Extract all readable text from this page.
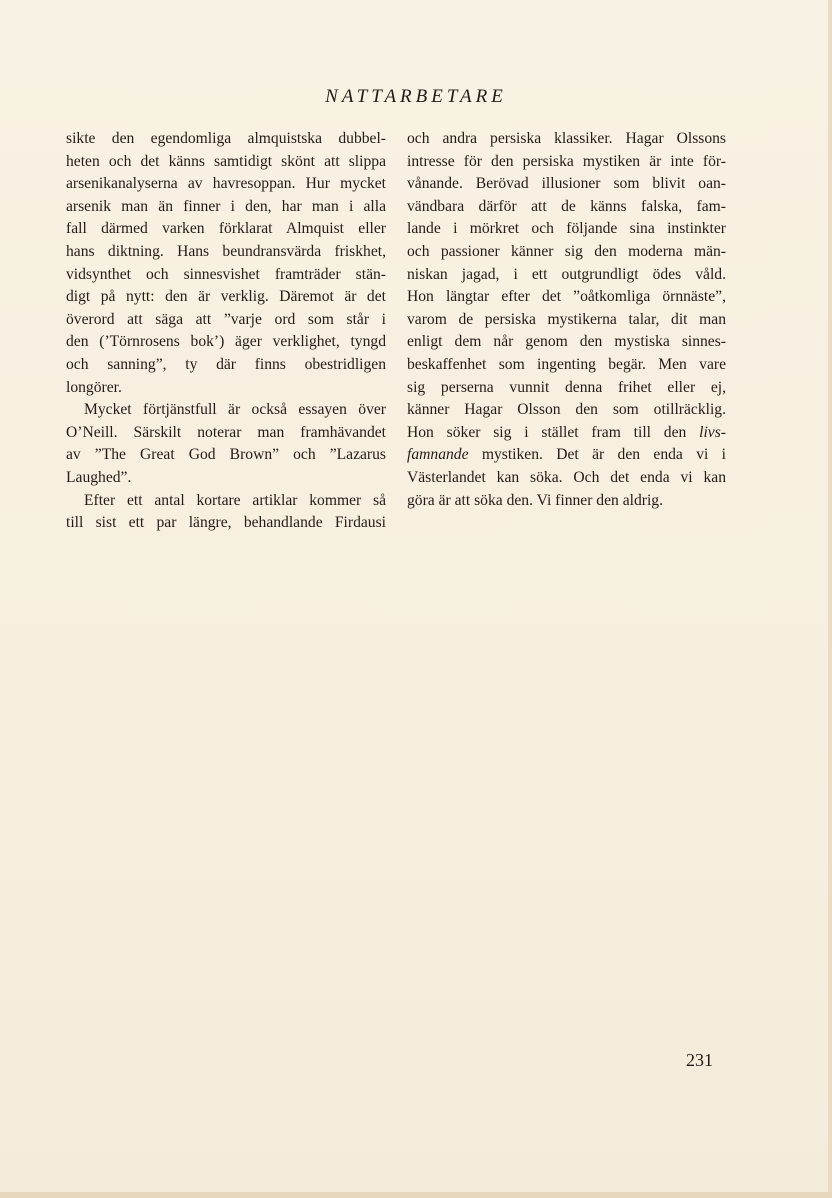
NATTARBETARE
sikte den egendomliga almquistska dubbel-
heten och det känns samtidigt skönt att slippa
arsenikanalyserna av havresoppan. Hur mycket
arsenik man än finner i den, har man i alla
fall därmed varken förklarat Almquist eller
hans diktning. Hans beundransvärda friskhet,
vidsynthet och sinnesvishet framträder stän-
digt på nytt: den är verklig. Däremot är det
överord att säga att ”varje ord som står i
den (’Törnrosens bok’) äger verklighet, tyngd
och sanning”, ty där finns obestridligen
longörer.
Mycket förtjänstfull är också essayen över
O’Neill. Särskilt noterar man framhävandet
av ”The Great God Brown” och ”Lazarus
Laughed”.
Efter ett antal kortare artiklar kommer så
till sist ett par längre, behandlande Firdausi
och andra persiska klassiker. Hagar Olssons
intresse för den persiska mystiken är inte för-
vånande. Berövad illusioner som blivit oan-
vändbara därför att de känns falska, fam-
lande i mörkret och följande sina instinkter
och passioner känner sig den moderna män-
niskan jagad, i ett outgrundligt ödes våld.
Hon längtar efter det ”oåtkomliga örnnäste”,
varom de persiska mystikerna talar, dit man
enligt dem når genom den mystiska sinnes-
beskaffenhet som ingenting begär. Men vare
sig perserna vunnit denna frihet eller ej,
känner Hagar Olsson den som otillräcklig.
Hon söker sig i stället fram till den livs-
famnande mystiken. Det är den enda vi i
Västerlandet kan söka. Och det enda vi kan
göra är att söka den. Vi finner den aldrig.
231
